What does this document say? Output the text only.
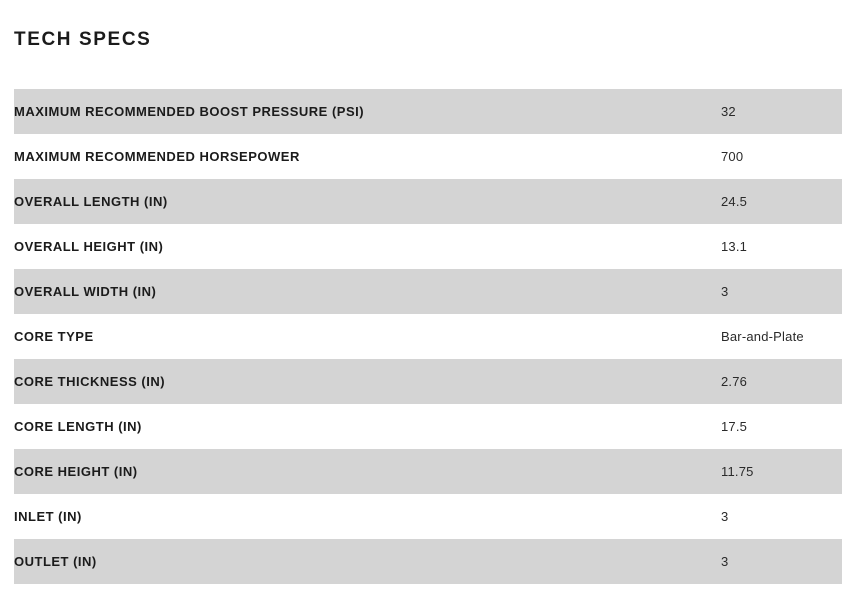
TECH SPECS
MAXIMUM RECOMMENDED BOOST PRESSURE (PSI)	32
MAXIMUM RECOMMENDED HORSEPOWER	700
OVERALL LENGTH (IN)	24.5
OVERALL HEIGHT (IN)	13.1
OVERALL WIDTH (IN)	3
CORE TYPE	Bar-and-Plate
CORE THICKNESS (IN)	2.76
CORE LENGTH (IN)	17.5
CORE HEIGHT (IN)	11.75
INLET (IN)	3
OUTLET (IN)	3
